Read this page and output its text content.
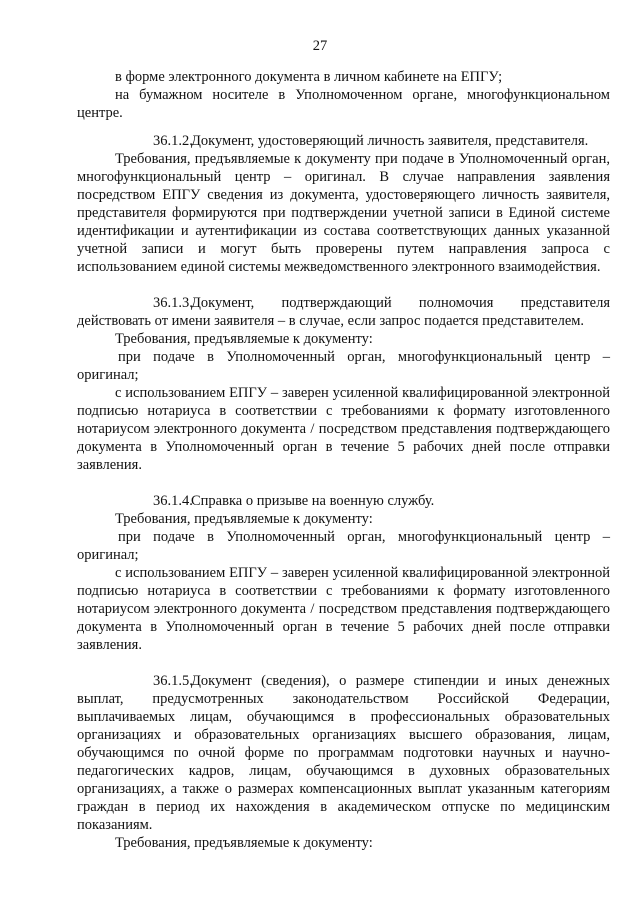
27

в форме электронного документа в личном кабинете на ЕПГУ;

на бумажном носителе в Уполномоченном органе, многофункциональном центре.

36.1.2.Документ, удостоверяющий личность заявителя, представителя.

Требования, предъявляемые к документу при подаче в Уполномоченный орган, многофункциональный центр – оригинал. В случае направления заявления посредством ЕПГУ сведения из документа, удостоверяющего личность заявителя, представителя формируются при подтверждении учетной записи в Единой системе идентификации и аутентификации из состава соответствующих данных указанной учетной записи и могут быть проверены путем направления запроса с использованием единой системы межведомственного электронного взаимодействия.

36.1.3.Документ, подтверждающий полномочия представителя действовать от имени заявителя – в случае, если запрос подается представителем.

Требования, предъявляемые к документу:

при подаче в Уполномоченный орган, многофункциональный центр – оригинал;

с использованием ЕПГУ – заверен усиленной квалифицированной электронной подписью нотариуса в соответствии с требованиями к формату изготовленного нотариусом электронного документа / посредством представления подтверждающего документа в Уполномоченный орган в течение 5 рабочих дней после отправки заявления.

36.1.4.Справка о призыве на военную службу.

Требования, предъявляемые к документу:

при подаче в Уполномоченный орган, многофункциональный центр – оригинал;

с использованием ЕПГУ – заверен усиленной квалифицированной электронной подписью нотариуса в соответствии с требованиями к формату изготовленного нотариусом электронного документа / посредством представления подтверждающего документа в Уполномоченный орган в течение 5 рабочих дней после отправки заявления.

36.1.5.Документ (сведения), о размере стипендии и иных денежных выплат, предусмотренных законодательством Российской Федерации, выплачиваемых лицам, обучающимся в профессиональных образовательных организациях и образовательных организациях высшего образования, лицам, обучающимся по очной форме по программам подготовки научных и научно-педагогических кадров, лицам, обучающимся в духовных образовательных организациях, а также о размерах компенсационных выплат указанным категориям граждан в период их нахождения в академическом отпуске по медицинским показаниям.

Требования, предъявляемые к документу:
